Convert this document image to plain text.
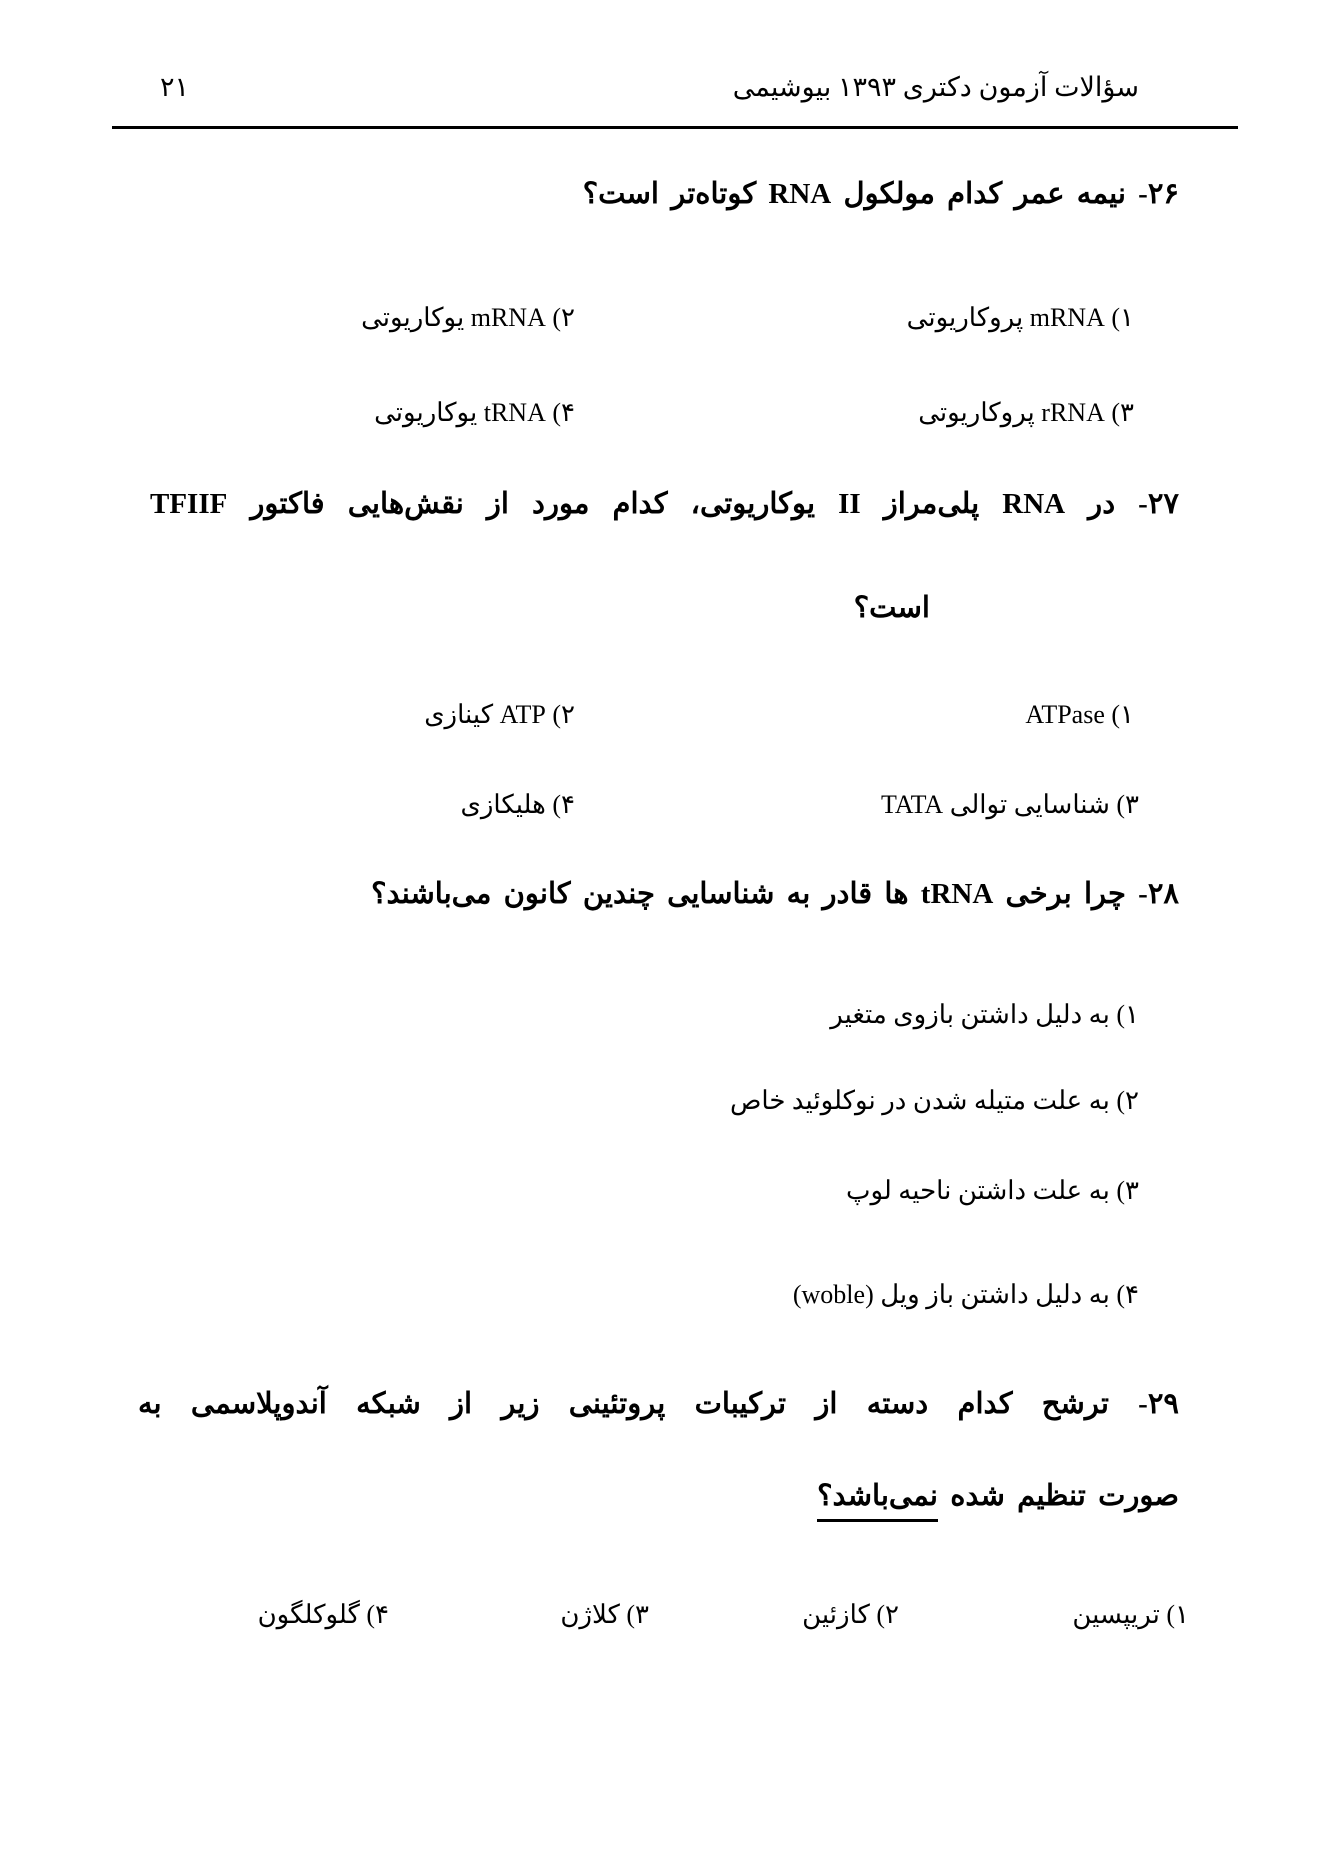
۲۱	سؤالات آزمون دکتری ۱۳۹۳ بیوشیمی
۲۶- نیمه عمر کدام مولکول RNA کوتاه‌تر است؟
۱) mRNA پروکاریوتی
۲) mRNA یوکاریوتی
۳) rRNA پروکاریوتی
۴) tRNA یوکاریوتی
۲۷- در RNA پلی‌مراز II یوکاریوتی، کدام مورد از نقش‌هایی فاکتور TFIIF
است؟
۱) ATPase
۲) ATP کینازی
۳) شناسایی توالی TATA
۴) هلیکازی
۲۸- چرا برخی tRNA ها قادر به شناسایی چندین کانون می‌باشند؟
۱) به دلیل داشتن بازوی متغیر
۲) به علت متیله شدن در نوکلوئید خاص
۳) به علت داشتن ناحیه لوپ
۴) به دلیل داشتن باز ویل (woble)
۲۹- ترشح کدام دسته از ترکیبات پروتئینی زیر از شبکه آندوپلاسمی به
صورت تنظیم شده نمی‌باشد؟
۱) تریپسین
۲) کازئین
۳) کلاژن
۴) گلوکلگون
